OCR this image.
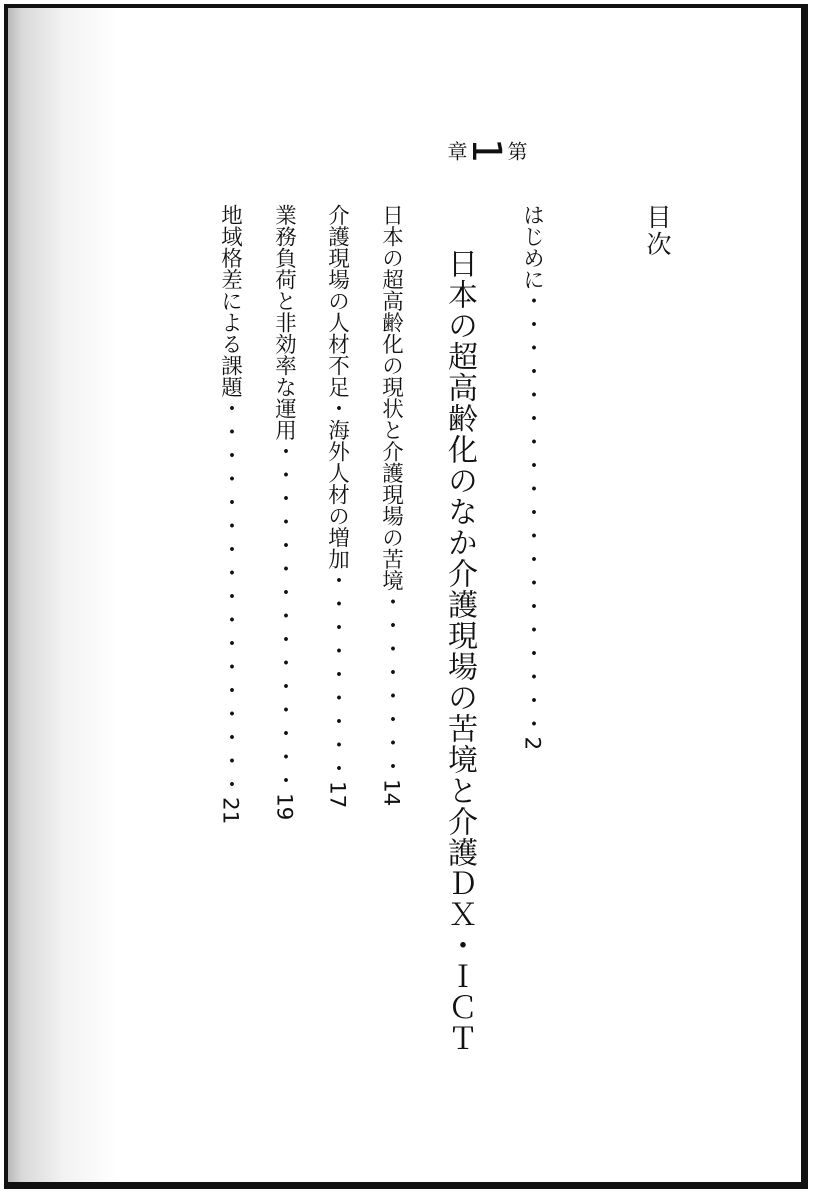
目次
はじめに・・・・・・・・・・・・・・・・・・・2
第
1
章
日本の超高齢化のなか介護現場の苦境と介護ＤＸ・ＩＣＴ
日本の超高齢化の現状と介護現場の苦境・・・・・・・・14
介護現場の人材不足・海外人材の増加・・・・・・・・・17
業務負荷と非効率な運用・・・・・・・・・・・・・・・19
地域格差による課題・・・・・・・・・・・・・・・・・21
